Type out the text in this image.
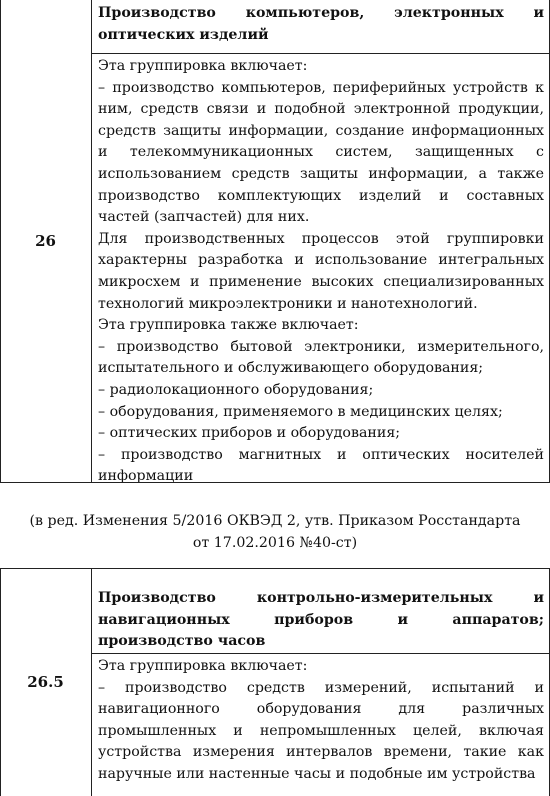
26
Производство компьютеров, электронных и оптических изделий

Эта группировка включает:

– производство компьютеров, периферийных устройств к ним, средств связи и подобной электронной продукции, средств защиты информации, создание информационных и телекоммуникационных систем, защищенных с использованием средств защиты информации, а также производство комплектующих изделий и составных частей (запчастей) для них.

Для производственных процессов этой группировки характерны разработка и использование интегральных микросхем и применение высоких специализированных технологий микроэлектроники и нанотехнологий.

Эта группировка также включает:

– производство бытовой электроники, измерительного, испытательного и обслуживающего оборудования;

– радиолокационного оборудования;

– оборудования, применяемого в медицинских целях;

– оптических приборов и оборудования;

– производство магнитных и оптических носителей информации

(в ред. Изменения 5/2016 ОКВЭД 2, утв. Приказом Росстандарта
от 17.02.2016 №40-ст)
26.5
Производство контрольно-измерительных и навигационных приборов и аппаратов; производство часов

Эта группировка включает:

– производство средств измерений, испытаний и навигационного оборудования для различных промышленных и непромышленных целей, включая устройства измерения интервалов времени, такие как наручные или настенные часы и подобные им устройства
